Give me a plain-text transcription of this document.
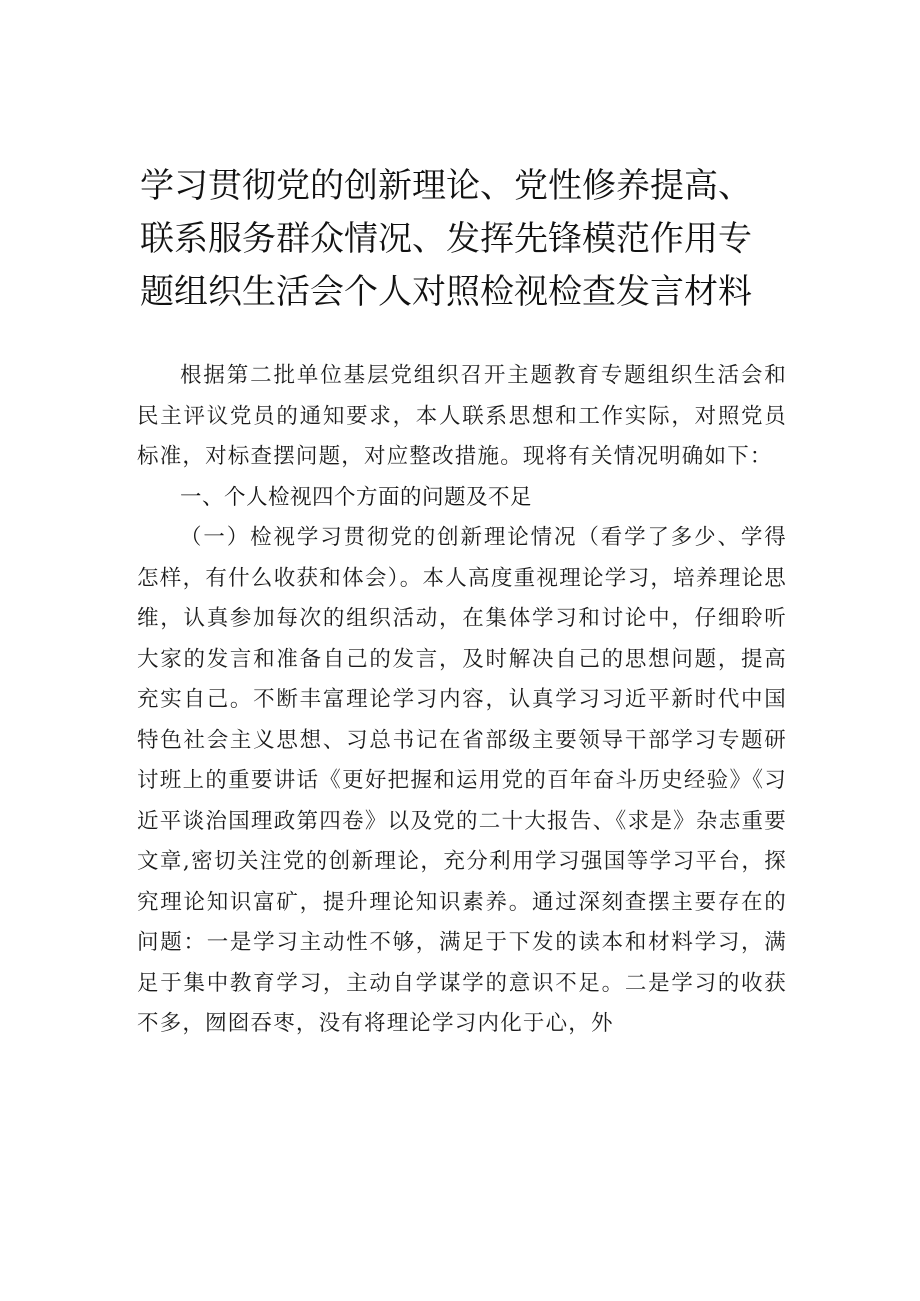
学习贯彻党的创新理论、党性修养提高、联系服务群众情况、发挥先锋模范作用专题组织生活会个人对照检视检查发言材料

根据第二批单位基层党组织召开主题教育专题组织生活会和民主评议党员的通知要求，本人联系思想和工作实际，对照党员标准，对标查摆问题，对应整改措施。现将有关情况明确如下：

一、个人检视四个方面的问题及不足

（一）检视学习贯彻党的创新理论情况（看学了多少、学得怎样，有什么收获和体会）。本人高度重视理论学习，培养理论思维，认真参加每次的组织活动，在集体学习和讨论中，仔细聆听大家的发言和准备自己的发言，及时解决自己的思想问题，提高充实自己。不断丰富理论学习内容，认真学习习近平新时代中国特色社会主义思想、习总书记在省部级主要领导干部学习专题研讨班上的重要讲话《更好把握和运用党的百年奋斗历史经验》《习近平谈治国理政第四卷》以及党的二十大报告、《求是》杂志重要文章,密切关注党的创新理论，充分利用学习强国等学习平台，探究理论知识富矿，提升理论知识素养。通过深刻查摆主要存在的问题：一是学习主动性不够，满足于下发的读本和材料学习，满足于集中教育学习，主动自学谋学的意识不足。二是学习的收获不多，囫囵吞枣，没有将理论学习内化于心，外
